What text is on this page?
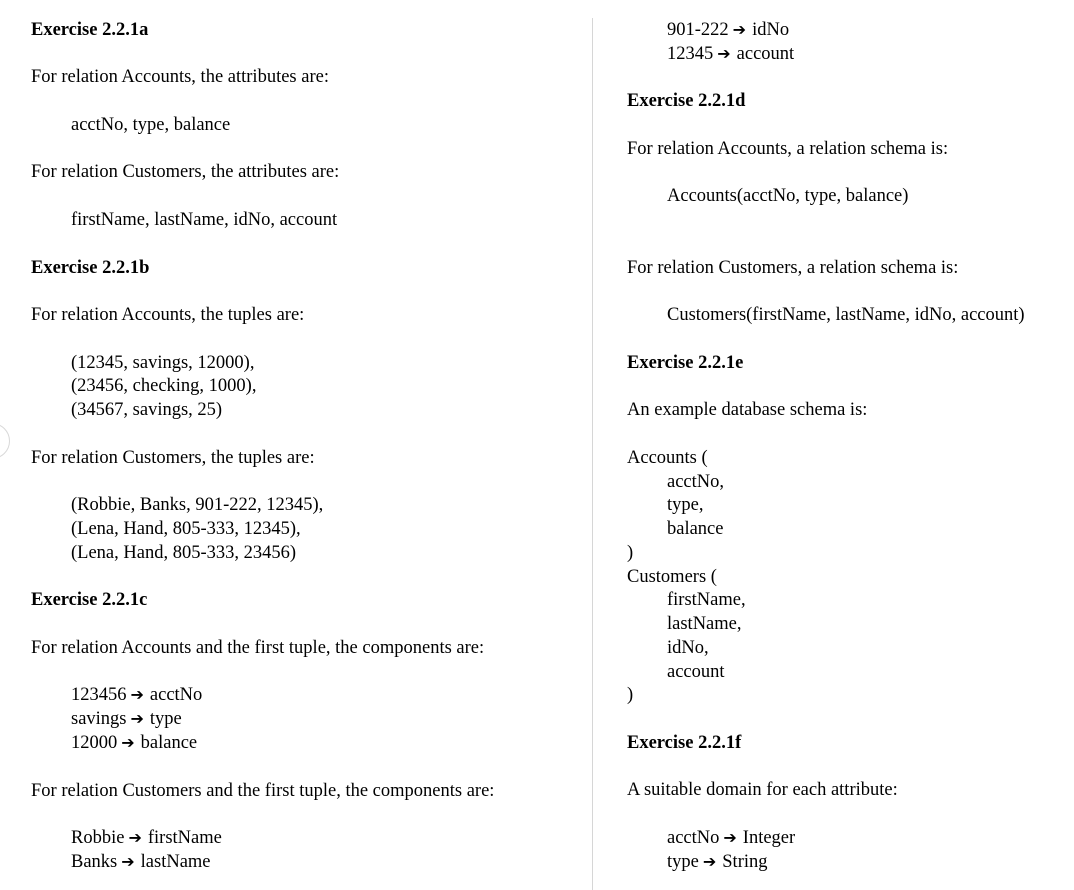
Exercise 2.2.1a
For relation Accounts, the attributes are:
acctNo, type, balance
For relation Customers, the attributes are:
firstName, lastName, idNo, account
Exercise 2.2.1b
For relation Accounts, the tuples are:
(12345, savings, 12000),
(23456, checking, 1000),
(34567, savings, 25)
For relation Customers, the tuples are:
(Robbie, Banks, 901-222, 12345),
(Lena, Hand, 805-333, 12345),
(Lena, Hand, 805-333, 23456)
Exercise 2.2.1c
For relation Accounts and the first tuple, the components are:
123456 ➔ acctNo
savings ➔ type
12000 ➔ balance
For relation Customers and the first tuple, the components are:
Robbie ➔ firstName
Banks ➔ lastName
901-222 ➔ idNo
12345 ➔ account
Exercise 2.2.1d
For relation Accounts, a relation schema is:
Accounts(acctNo, type, balance)
For relation Customers, a relation schema is:
Customers(firstName, lastName, idNo, account)
Exercise 2.2.1e
An example database schema is:
Accounts (
acctNo,
type,
balance
)
Customers (
firstName,
lastName,
idNo,
account
)
Exercise 2.2.1f
A suitable domain for each attribute:
acctNo ➔ Integer
type ➔ String
